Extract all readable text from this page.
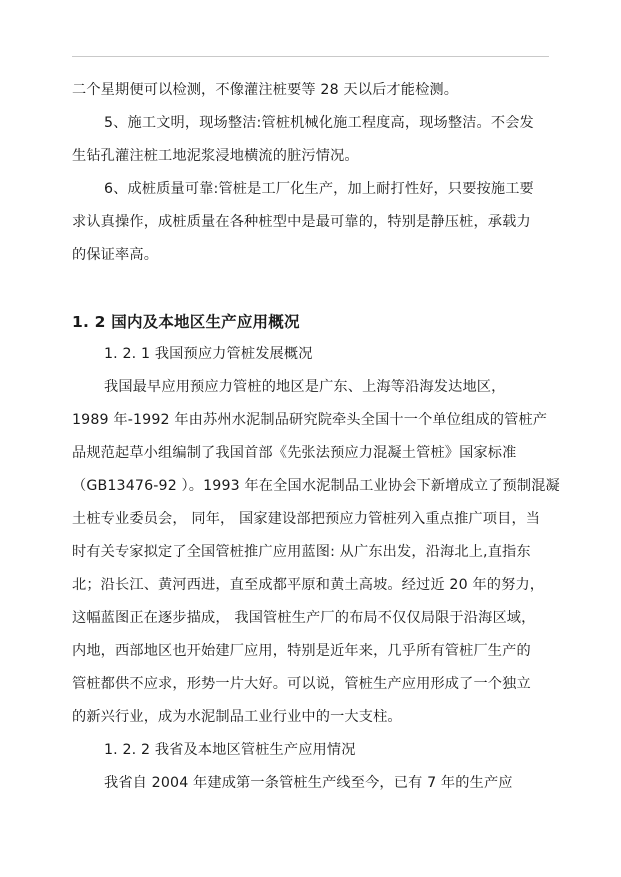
二个星期便可以检测，不像灌注桩要等 28 天以后才能检测。
5、施工文明，现场整洁:管桩机械化施工程度高，现场整洁。不会发
生钻孔灌注桩工地泥浆浸地横流的脏污情况。
6、成桩质量可靠:管桩是工厂化生产，加上耐打性好，只要按施工要
求认真操作，成桩质量在各种桩型中是最可靠的，特别是静压桩，承载力
的保证率高。
1. 2 国内及本地区生产应用概况
1. 2. 1 我国预应力管桩发展概况
我国最早应用预应力管桩的地区是广东、上海等沿海发达地区，
1989 年-1992 年由苏州水泥制品研究院牵头全国十一个单位组成的管桩产
品规范起草小组编制了我国首部《先张法预应力混凝土管桩》国家标准
（GB13476-92 ）。1993 年在全国水泥制品工业协会下新增成立了预制混凝
土桩专业委员会， 同年， 国家建设部把预应力管桩列入重点推广项目，当
时有关专家拟定了全国管桩推广应用蓝图: 从广东出发，沿海北上,直指东
北；沿长江、黄河西进，直至成都平原和黄土高坡。经过近 20 年的努力，
这幅蓝图正在逐步描成， 我国管桩生产厂的布局不仅仅局限于沿海区域，
内地，西部地区也开始建厂应用，特别是近年来，几乎所有管桩厂生产的
管桩都供不应求，形势一片大好。可以说，管桩生产应用形成了一个独立
的新兴行业，成为水泥制品工业行业中的一大支柱。
1. 2. 2 我省及本地区管桩生产应用情况
我省自 2004 年建成第一条管桩生产线至今，已有 7 年的生产应
